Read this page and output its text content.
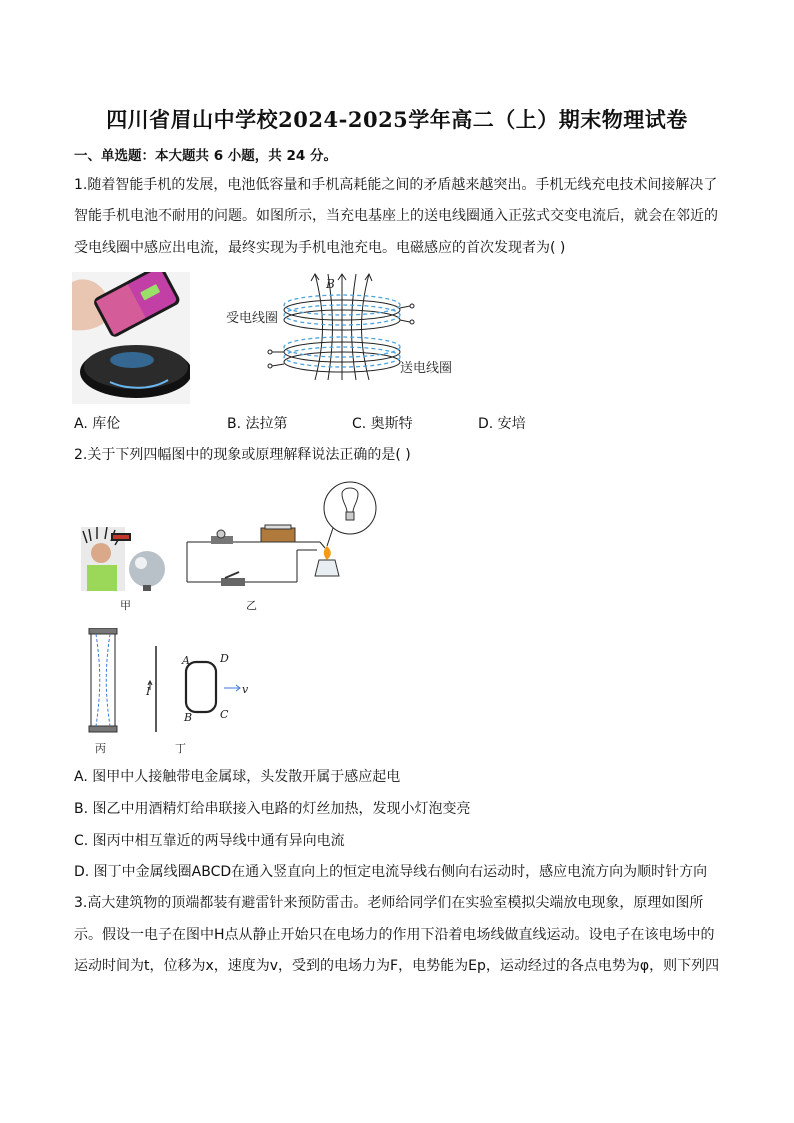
四川省眉山中学校2024-2025学年高二（上）期末物理试卷
一、单选题：本大题共 6 小题，共 24 分。
1.随着智能手机的发展，电池低容量和手机高耗能之间的矛盾越来越突出。手机无线充电技术间接解决了
智能手机电池不耐用的问题。如图所示，当充电基座上的送电线圈通入正弦式交变电流后，就会在邻近的
受电线圈中感应出电流，最终实现为手机电池充电。电磁感应的首次发现者为( )
B
受电线圈
送电线圈
A. 库伦	B. 法拉第	C. 奥斯特	D. 安培
2.关于下列四幅图中的现象或原理解释说法正确的是( )
甲	乙
丙
I
A	D
B	C
v
丁
A. 图甲中人接触带电金属球，头发散开属于感应起电
B. 图乙中用酒精灯给串联接入电路的灯丝加热，发现小灯泡变亮
C. 图丙中相互靠近的两导线中通有异向电流
D. 图丁中金属线圈ABCD在通入竖直向上的恒定电流导线右侧向右运动时，感应电流方向为顺时针方向
3.高大建筑物的顶端都装有避雷针来预防雷击。老师给同学们在实验室模拟尖端放电现象，原理如图所
示。假设一电子在图中H点从静止开始只在电场力的作用下沿着电场线做直线运动。设电子在该电场中的
运动时间为t，位移为x，速度为v，受到的电场力为F，电势能为Ep，运动经过的各点电势为φ，则下列四
